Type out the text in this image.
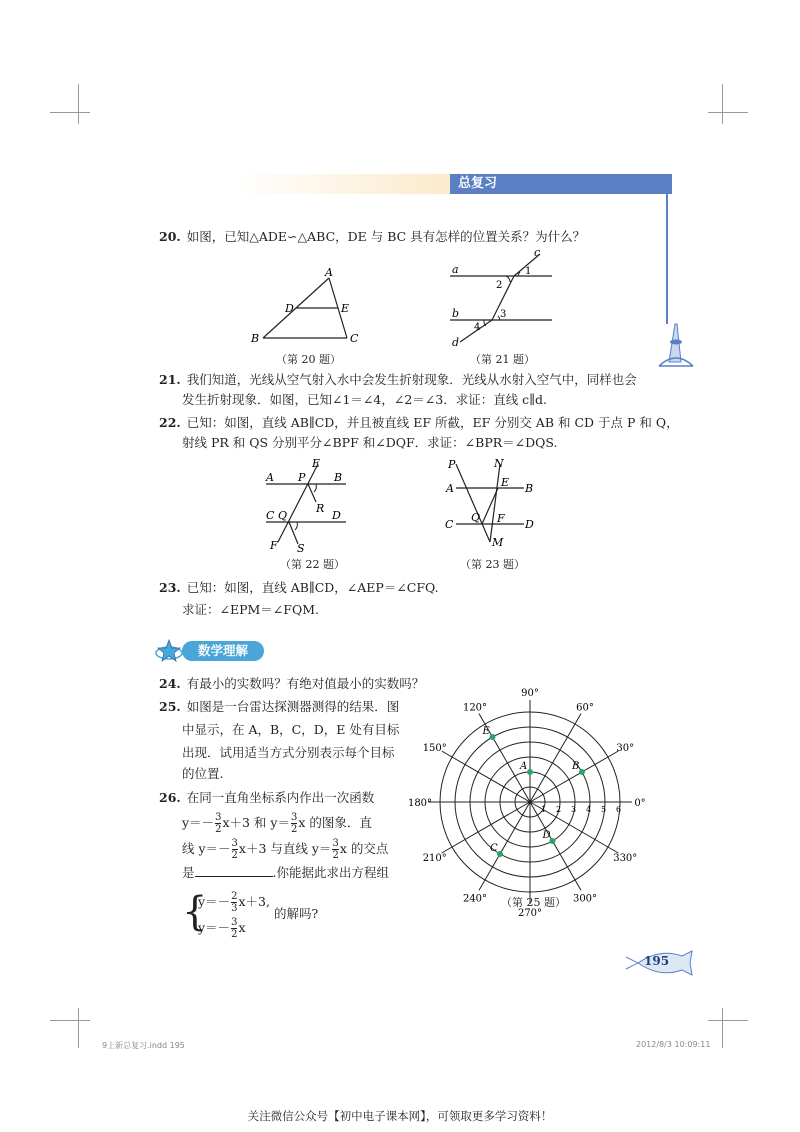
总复习
20. 如图，已知△ADE∽△ABC，DE 与 BC 具有怎样的位置关系？为什么？
A
B	C
D	E
（第 20 题）
a
b
c
d
1
2
3
4
（第 21 题）
21. 我们知道，光线从空气射入水中会发生折射现象．光线从水射入空气中，同样也会
发生折射现象．如图，已知∠1＝∠4，∠2＝∠3．求证：直线 c∥d.
22. 已知：如图，直线 AB∥CD，并且被直线 EF 所截，EF 分别交 AB 和 CD 于点 P 和 Q，
射线 PR 和 QS 分别平分∠BPF 和∠DQF．求证：∠BPR＝∠DQS.
A	B
C	D
E
F
P
Q
R
S
（第 22 题）
P	N
A	E B
C
Q F D
M
（第 23 题）
23. 已知：如图，直线 AB∥CD，∠AEP＝∠CFQ.
求证：∠EPM＝∠FQM.
数学理解
24. 有最小的实数吗？有绝对值最小的实数吗？
25. 如图是一台雷达探测器测得的结果．图
中显示，在 A，B，C，D，E 处有目标
出现．试用适当方式分别表示每个目标
的位置.
26. 在同一直角坐标系内作出一次函数
$y=- \frac{3}{2} x+3$ 和 $y= \frac{3}{2}$ x 的图象．直
线 $y=- \frac{3}{2} x+3$ 与直线 $y= \frac{3}{2}$ x 的交点
是	.你能据此求出方程组
{
$y=- \frac{2}{3} x+3$,
$y=- \frac{3}{2}$ x
的解吗?
0°
30°
60°
90°
120°
150°
180°
210°
240°
270°
300°
330°
1 2 3 4 5 6
A	B
C
D
E
（第 25 题）
195
9上新总复习.indd 195	2012/8/3 10:09:11
关注微信公众号【初中电子课本网】，可领取更多学习资料！
